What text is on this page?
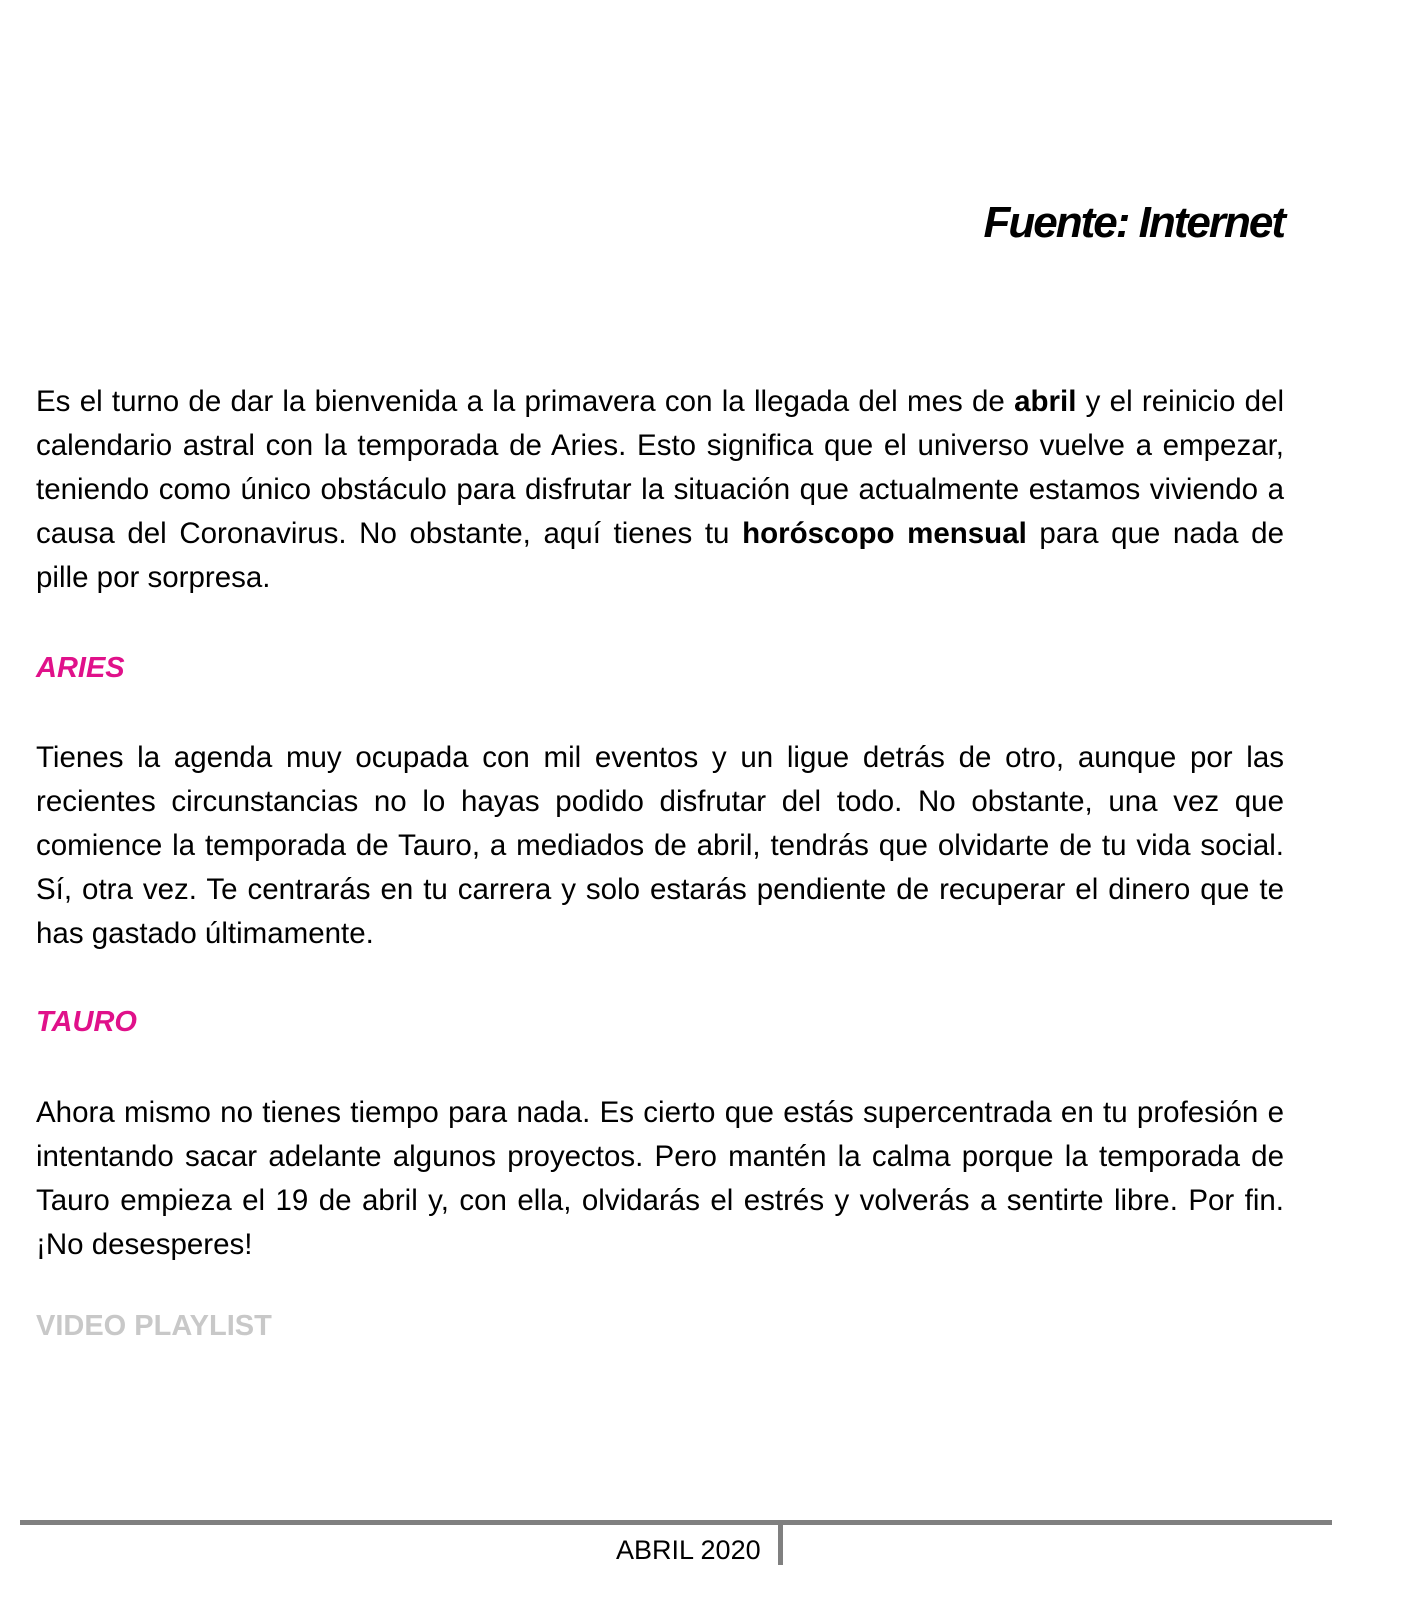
Fuente: Internet

Es el turno de dar la bienvenida a la primavera con la llegada del mes de abril y el reinicio del calendario astral con la temporada de Aries. Esto significa que el universo vuelve a empezar, teniendo como único obstáculo para disfrutar la situación que actualmente estamos viviendo a causa del Coronavirus. No obstante, aquí tienes tu horóscopo mensual para que nada de pille por sorpresa.

ARIES

Tienes la agenda muy ocupada con mil eventos y un ligue detrás de otro, aunque por las recientes circunstancias no lo hayas podido disfrutar del todo. No obstante, una vez que comience la temporada de Tauro, a mediados de abril, tendrás que olvidarte de tu vida social. Sí, otra vez. Te centrarás en tu carrera y solo estarás pendiente de recuperar el dinero que te has gastado últimamente.

TAURO

Ahora mismo no tienes tiempo para nada. Es cierto que estás supercentrada en tu profesión e intentando sacar adelante algunos proyectos. Pero mantén la calma porque la temporada de Tauro empieza el 19 de abril y, con ella, olvidarás el estrés y volverás a sentirte libre. Por fin. ¡No desesperes!

VIDEO PLAYLIST

ABRIL 2020
